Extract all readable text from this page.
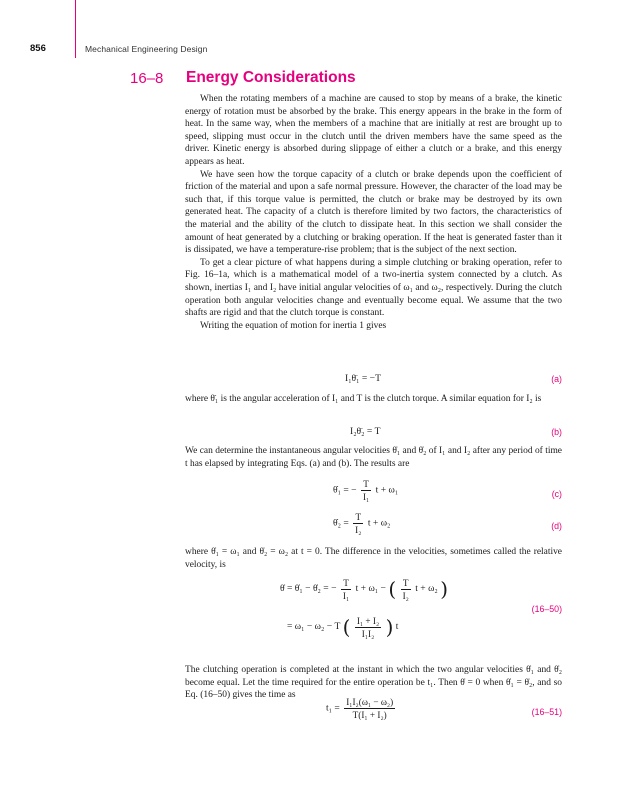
856	Mechanical Engineering Design
16–8 Energy Considerations

When the rotating members of a machine are caused to stop by means of a brake, the kinetic energy of rotation must be absorbed by the brake. This energy appears in the brake in the form of heat. In the same way, when the members of a machine that are initially at rest are brought up to speed, slipping must occur in the clutch until the driven members have the same speed as the driver. Kinetic energy is absorbed during slippage of either a clutch or a brake, and this energy appears as heat.

We have seen how the torque capacity of a clutch or brake depends upon the coefficient of friction of the material and upon a safe normal pressure. However, the character of the load may be such that, if this torque value is permitted, the clutch or brake may be destroyed by its own generated heat. The capacity of a clutch is therefore limited by two factors, the characteristics of the material and the ability of the clutch to dissipate heat. In this section we shall consider the amount of heat generated by a clutching or braking operation. If the heat is generated faster than it is dissipated, we have a temperature-rise problem; that is the subject of the next section.

To get a clear picture of what happens during a simple clutching or braking operation, refer to Fig. 16–1a, which is a mathematical model of a two-inertia system connected by a clutch. As shown, inertias I₁ and I₂ have initial angular velocities of ω₁ and ω₂, respectively. During the clutch operation both angular velocities change and eventually become equal. We assume that the two shafts are rigid and that the clutch torque is constant.

Writing the equation of motion for inertia 1 gives

I₁θ̈₁ = −T	(a)

where θ̈₁ is the angular acceleration of I₁ and T is the clutch torque. A similar equation for I₂ is

I₂θ̈₂ = T	(b)

We can determine the instantaneous angular velocities θ̇₁ and θ̇₂ of I₁ and I₂ after any period of time t has elapsed by integrating Eqs. (a) and (b). The results are

θ̇₁ = − $\frac{T}{\text{I₁}}$ t + ω₁	(c)
θ̇₂ = $\frac{T}{\text{I₂}}$ t + ω₂	(d)

where θ̇₁ = ω₁ and θ̇₂ = ω₂ at t = 0. The difference in the velocities, sometimes called the relative velocity, is

θ̇ = θ̇₁ − θ̇₂ = − $\frac{T}{\text{I₁}}$ t + ω₁ − ( $\frac{T}{\text{I₂}}$ t + ω₂ )
(16–50)
= ω₁ − ω₂ − T ( $\frac{\text{I₁ + I₂}}{\text{I₁I₂}}$ ) t

The clutching operation is completed at the instant in which the two angular velocities θ̇₁ and θ̇₂ become equal. Let the time required for the entire operation be t₁. Then θ̇ = 0 when θ̇₁ = θ̇₂, and so Eq. (16–50) gives the time as

$t_1 = \frac{\text{I₁I₂(ω₁ − ω₂)}}{\text{T(I₁ + I₂)}}$	(16–51)
